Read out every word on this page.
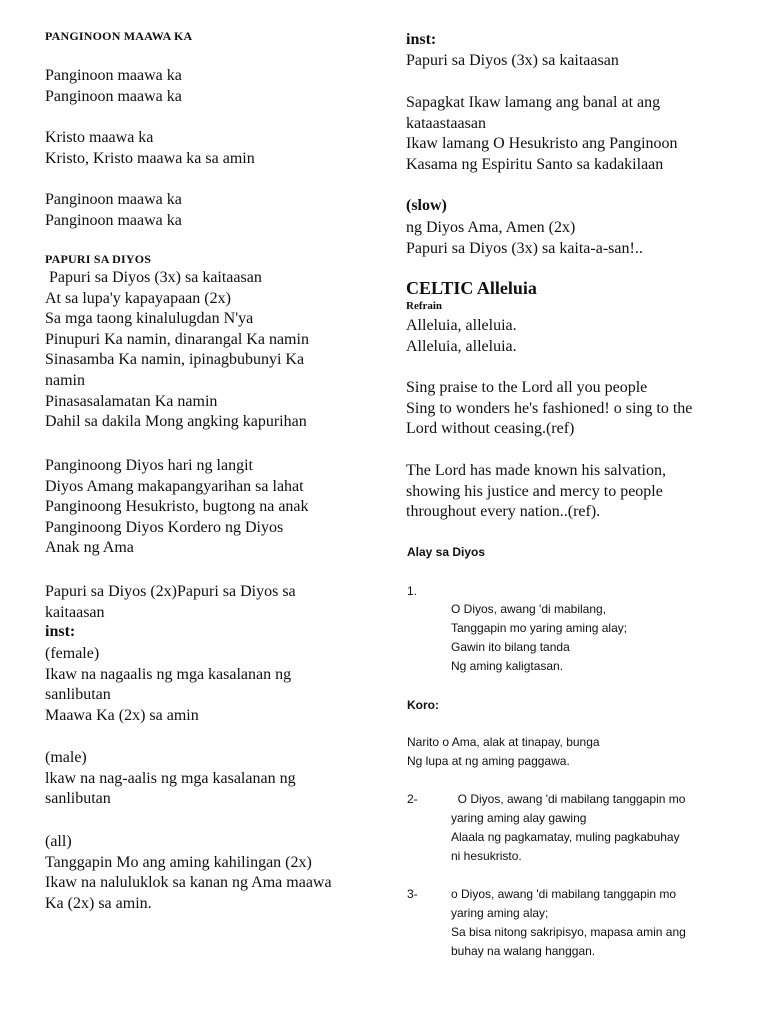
PANGINOON MAAWA KA
Panginoon maawa ka
Panginoon maawa ka
Kristo maawa ka
Kristo, Kristo maawa ka sa amin
Panginoon maawa ka
Panginoon maawa ka
PAPURI SA DIYOS
Papuri sa Diyos (3x) sa kaitaasan
At sa lupa'y kapayapaan (2x)
Sa mga taong kinalulugdan N'ya
Pinupuri Ka namin, dinarangal Ka namin
Sinasamba Ka namin, ipinagbubunyi Ka
namin
Pinasasalamatan Ka namin
Dahil sa dakila Mong angking kapurihan
Panginoong Diyos hari ng langit
Diyos Amang makapangyarihan sa lahat
Panginoong Hesukristo, bugtong na anak
Panginoong Diyos Kordero ng Diyos
Anak ng Ama
Papuri sa Diyos (2x)Papuri sa Diyos sa
kaitaasan
inst:
(female)
Ikaw na nagaalis ng mga kasalanan ng
sanlibutan
Maawa Ka (2x) sa amin
(male)
lkaw na nag-aalis ng mga kasalanan ng
sanlibutan
(all)
Tanggapin Mo ang aming kahilingan (2x)
Ikaw na naluluklok sa kanan ng Ama maawa
Ka (2x) sa amin.
inst:
Papuri sa Diyos (3x) sa kaitaasan
Sapagkat Ikaw lamang ang banal at ang
kataastaasan
Ikaw lamang O Hesukristo ang Panginoon
Kasama ng Espiritu Santo sa kadakilaan
(slow)
ng Diyos Ama, Amen (2x)
Papuri sa Diyos (3x) sa kaita-a-san!..
CELTIC Alleluia
Refrain
Alleluia, alleluia.
Alleluia, alleluia.
Sing praise to the Lord all you people
Sing to wonders he's fashioned! o sing to the
Lord without ceasing.(ref)
The Lord has made known his salvation,
showing his justice and mercy to people
throughout every nation..(ref).
Alay sa Diyos
1.
O Diyos, awang 'di mabilang,
Tanggapin mo yaring aming alay;
Gawin ito bilang tanda
Ng aming kaligtasan.
Koro:
Narito o Ama, alak at tinapay, bunga
Ng lupa at ng aming paggawa.
2-	O Diyos, awang 'di mabilang tanggapin mo
yaring aming alay gawing
Alaala ng pagkamatay, muling pagkabuhay
ni hesukristo.
3-	o Diyos, awang 'di mabilang tanggapin mo
yaring aming alay;
Sa bisa nitong sakripisyo, mapasa amin ang
buhay na walang hanggan.
